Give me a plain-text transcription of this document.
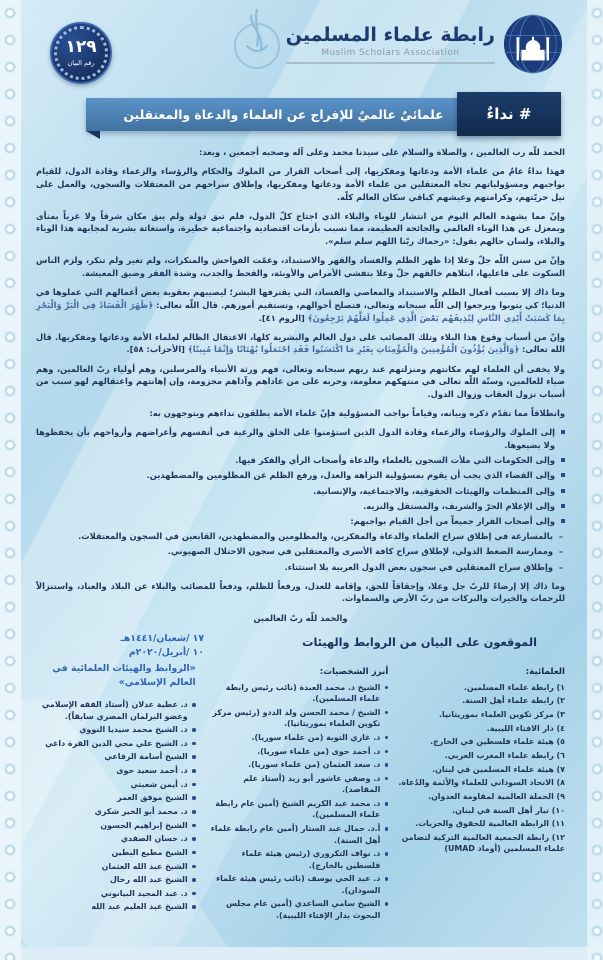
رابطة علماء المسلمين
Muslim Scholars Association
١٢٩
رقم البيان
علمائيٌ عالميٌ للإفراج عن العلماء والدعاة والمعتقلين	# نداءٌ

الحمد للّه رب العالمين ، والصلاة والسلام على سيدنا محمد وعلى آله وصحبه أجمعين ، وبعد:

فهذا نداءٌ عامٌ من علماء الأمة ودعاتها ومفكريها، إلى أصحاب القرار من الملوك والحكام والرؤساء والزعماء وقادة الدول، للقيام بواجبهم ومسؤولياتهم تجاه المعتقلين من علماء الأمة ودعاتها ومفكريها، وإطلاق سراحهم من المعتقلات والسجون، والعمل على نيل حريّتهم، وكرامتهم وعيشهم كباقي سكان العالم كلّه.

وإنّ مما يشهده العالم اليوم من انتشار للوباء والبلاء الذي اجتاح كلّ الدول، فلم تبق دولة ولم يبق مكان شرقاً ولا غرباً بمنأى وبمعزل عن هذا الوباء العالمي والجائحة العظيمة، مما تسبب بأزمات اقتصادية واجتماعية خطيرة، واستغاثة بشرية لمجابهة هذا الوباء والبلاء، ولسان حالهم يقول: «رحماك ربّنا اللهم سلم سلم».

وإنّ من سنن اللّه جلّ وعلا إذا ظهر الظلم والفساد والقهر والاستبداد، وعمّت الفواحش والمنكرات، ولم تغير ولم تنكر، ولزم الناس السكوت على فاعليها، ابتلاهم خالقهم جلّ وعلا بتفشي الأمراض والأوبئة، والقحط والجدب، وشدة الفقر وضيق المعيشة.

وما ذاك إلا بسبب أفعال الظلم والاستبداد والمعاصي والفساد، التي يقترفها البشر؛ ليصيبهم بعقوبة بعض أعمالهم التي عملوها في الدنيا؛ كي يتوبوا ويرجعوا إلى اللّه سبحانه وتعالى، فتصلح أحوالهم، وتستقيم أمورهم. قال اللّه تعالى: ﴿ظَهَرَ الْفَسَادُ فِي الْبَرِّ وَالْبَحْرِ بِمَا كَسَبَتْ أَيْدِي النَّاسِ لِيُذِيقَهُم بَعْضَ الَّذِي عَمِلُوا لَعَلَّهُمْ يَرْجِعُونَ﴾ [الروم ٤١].

وإنّ من أسباب وقوع هذا البلاء وتلك المصائب على دول العالم والبشرية كلها، الاعتقال الظالم لعلماء الأمة ودعاتها ومفكريها. قال الله تعالى: ﴿وَالَّذِينَ يُؤْذُونَ الْمُؤْمِنِينَ وَالْمُؤْمِنَاتِ بِغَيْرِ مَا اكْتَسَبُوا فَقَدِ احْتَمَلُوا بُهْتَانًا وَإِثْمًا مُبِينًا﴾ [الأحزاب: ٥٨].

ولا يخفى أن العلماء لهم مكانتهم ومنزلتهم عند ربهم سبحانه وتعالى، فهم ورثة الأنبياء والمرسلين، وهم أولياء ربّ العالمين، وهم ضياء للعالمين، وسنّة اللّه تعالى في منتهكهم معلومة، وحربه على من عاداهم وآذاهم مجزومة، وإن إهانتهم واعتقالهم لهو سبب من أسباب نزول العقاب وزوال الدول.

وانطلاقاً مما تقدّم ذكره وبيانه، وقياماً بواجب المسؤولية فإنّ علماء الأمة يطلقون نداءهم ويتوجهون به:

إلى الملوك والرؤساء والزعماء وقادة الدول الذين استؤمنوا على الخلق والرعية في أنفسهم وأعراضهم وأرواحهم بأن يحفظوها ولا يضيعوها.
وإلى الحكومات التي ملأت السجون بالعلماء والدعاة وأصحاب الرأي والفكر فيها.
وإلى القضاء الذي يجب أن يقوم بمسؤولية النزاهة والعدل، ورفع الظلم عن المظلومين والمضطهدين.
وإلى المنظمات والهيئات الحقوقية، والاجتماعية، والإنسانية.
وإلى الإعلام الحرّ والشريف، والمستقل والنزيه.
وإلى أصحاب القرار جميعاً من أجل القيام بواجبهم:
– بالمسارعة في إطلاق سراح العلماء والدعاة والمفكرين، والمظلومين والمضطهدين، القابعين في السجون والمعتقلات.
– وممارسة الضغط الدولي، لإطلاق سراح كافة الأسرى والمعتقلين في سجون الاحتلال الصهيوني.
– وإطلاق سراح المعتقلين في سجون بعض الدول العربية بلا استثناء.

وما ذاك إلا إرضاءً للربّ جل وعلا، وإحقاقاً للحق، وإقامة للعدل، ورفعاً للظلم، ودفعاً للمصائب والبلاء عن البلاد والعباد، واستنزالاً للرحمات والخيرات والبركات من ربّ الأرض والسماوات.

والحمد للّه ربّ العالمين

الموقعون على البيان من الروابط والهيئات
١٧ /شعبان/١٤٤١هـ
١٠ /أبريل/٢٠٢٠م
العلمائية:
١) رابطة علماء المسلمين.
٢) رابطة علماء أهل السنة.
٣) مركز تكوين العلماء بموريتانيا.
٤) دار الافتاء الليبية.
٥) هيئة علماء فلسطين في الخارج.
٦) رابطة علماء المغرب العربي.
٧) هيئة علماء المسلمين في لبنان.
٨) الاتحاد السوداني للعلماء والأئمة والدُعاة.
٩) الحملة العالمية لمقاومة العدوان.
١٠) تيار أهل السنة في لبنان.
١١) الرابطة العالمية للحقوق والحريات.
١٢) رابطة الجمعية العالمية التركية لتضامن علماء المسلمين (أوماد UMAD)
أبرز الشخصيات:
الشيخ د. محمد العبدة (نائب رئيس رابطة علماء المسلمين).
الشيخ / محمد الحسن ولد الددو (رئيس مركز تكوين العلماء بموريتانيا).
د. غازي التوبة (من علماء سوريا).
د. أحمد حوى (من علماء سوريا).
د. سعد العثمان (من علماء سوريا).
د. وصفي عاشور أبو زيد (أستاذ علم المقاصد).
د. محمد عبد الكريم الشيخ (أمين عام رابطة علماء المسلمين).
أ.د. جمال عبد الستار (أمين عام رابطة علماء أهل السنة).
د. نواف التكروري (رئيس هيئة علماء فلسطين بالخارج).
د. عبد الحي يوسف (نائب رئيس هيئة علماء السودان).
الشيخ سامي الساعدي (أمين عام مجلس البحوث بدار الإفتاء الليبية).
«الروابط والهيئات العلمائية في العالم الإسلامي»
د. عطية عدلان (أستاذ الفقه الإسلامي وعضو البرلمان المصري سابقاً).
د. الشيخ محمد سيديا النووي
د. الشيخ علي محي الدين القرة داغي
الشيخ أسامة الرفاعي
د. أحمد سعيد حوى
د. أيمن شعبتي
الشيخ موفق العمر
د. محمد أبو الخير شكري
الشيخ إبراهيم الحسون
د. حسان الصفدي
الشيخ مطيع البطين
الشيخ عبد الله العثمان
الشيخ عبد الله رحال
د. عبد المجيد البيانوني
الشيخ عبد العليم عبد الله
